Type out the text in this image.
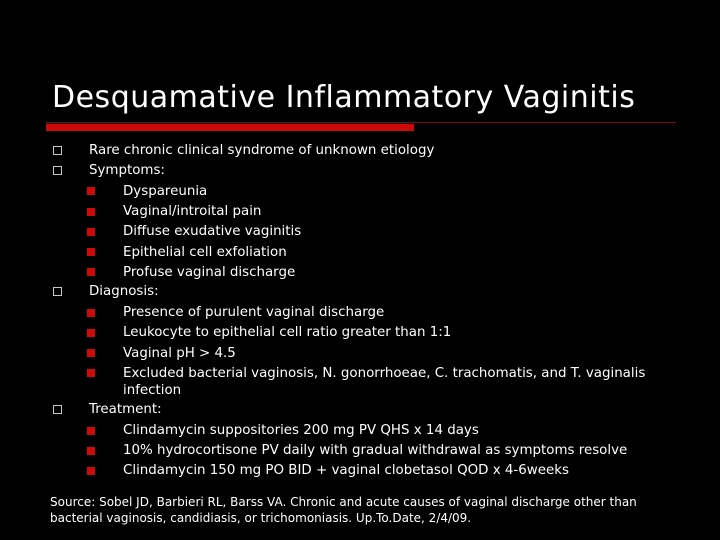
Desquamative Inflammatory Vaginitis
Rare chronic clinical syndrome of unknown etiology
Symptoms:
Dyspareunia
Vaginal/introital pain
Diffuse exudative vaginitis
Epithelial cell exfoliation
Profuse vaginal discharge
Diagnosis:
Presence of purulent vaginal discharge
Leukocyte to epithelial cell ratio greater than 1:1
Vaginal pH > 4.5
Excluded bacterial vaginosis, N. gonorrhoeae, C. trachomatis, and T. vaginalis infection
Treatment:
Clindamycin suppositories 200 mg PV QHS x 14 days
10% hydrocortisone PV daily with gradual withdrawal as symptoms resolve
Clindamycin 150 mg PO BID + vaginal clobetasol QOD x 4-6weeks
Source: Sobel JD, Barbieri RL, Barss VA. Chronic and acute causes of vaginal discharge other than bacterial vaginosis, candidiasis, or trichomoniasis. Up.To.Date, 2/4/09.
